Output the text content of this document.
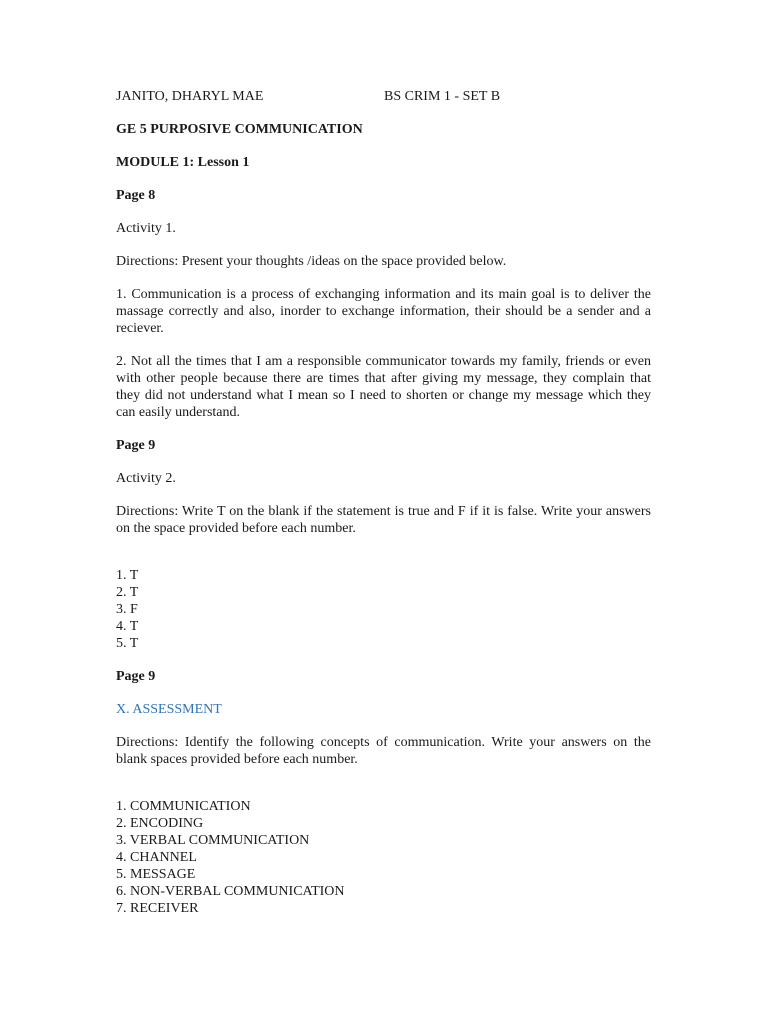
JANITO, DHARYL MAE	BS CRIM 1 - SET B

GE 5 PURPOSIVE COMMUNICATION

MODULE 1: Lesson 1

Page 8

Activity 1.

Directions: Present your thoughts /ideas on the space provided below.

1. Communication is a process of exchanging information and its main goal is to deliver the massage correctly and also, inorder to exchange information, their should be a sender and a reciever.

2. Not all the times that I am a responsible communicator towards my family, friends or even with other people because there are times that after giving my message, they complain that they did not understand what I mean so I need to shorten or change my message which they can easily understand.

Page 9

Activity 2.

Directions: Write T on the blank if the statement is true and F if it is false. Write your answers on the space provided before each number.

1. T
2. T
3. F
4. T
5. T

Page 9

X. ASSESSMENT

Directions: Identify the following concepts of communication. Write your answers on the blank spaces provided before each number.

1. COMMUNICATION
2. ENCODING
3. VERBAL COMMUNICATION
4. CHANNEL
5. MESSAGE
6. NON-VERBAL COMMUNICATION
7. RECEIVER
